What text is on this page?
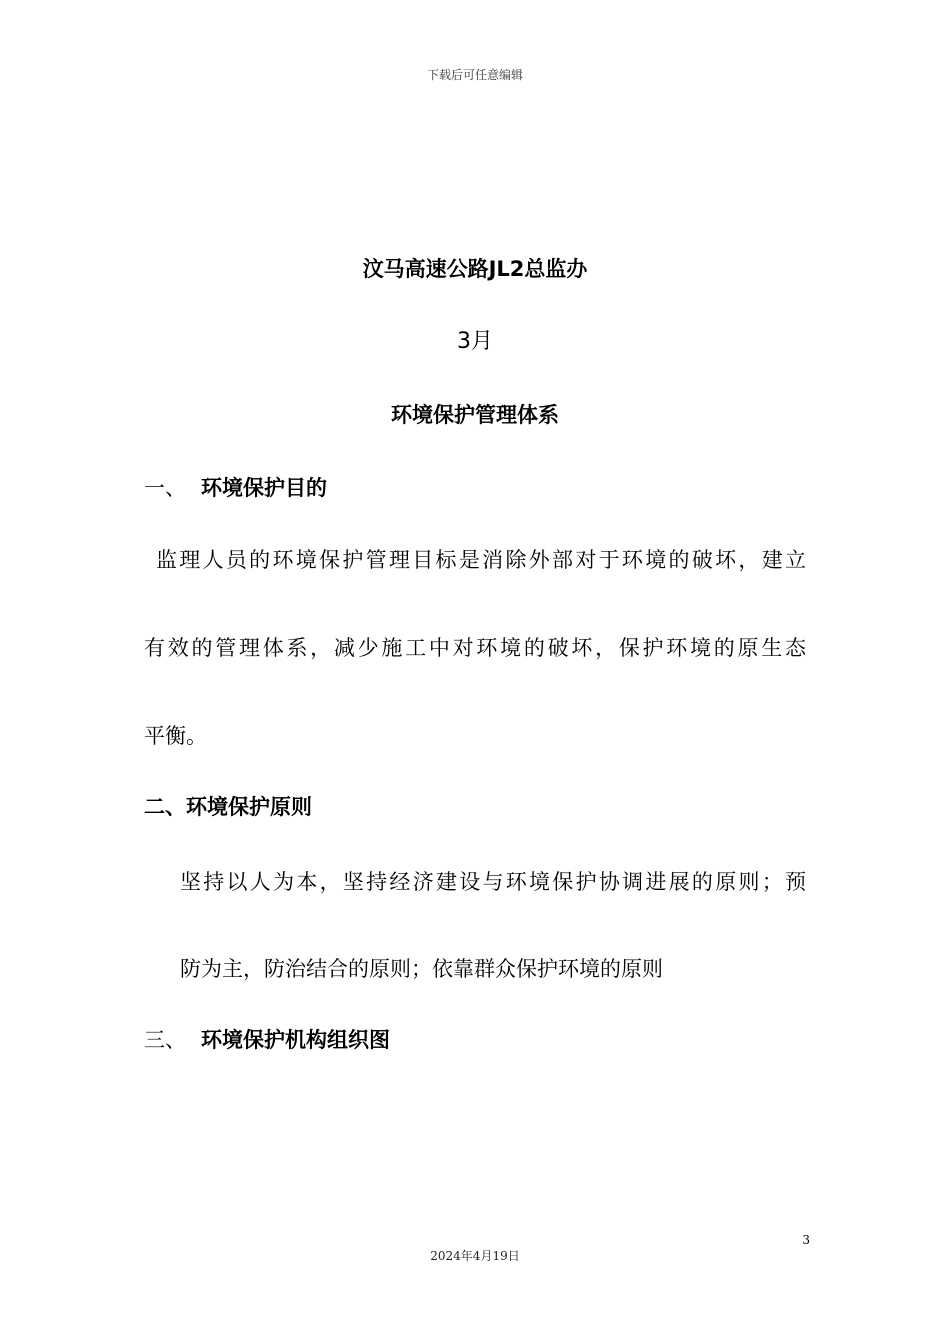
下载后可任意编辑
汶马高速公路JL2总监办
3月
环境保护管理体系
一、 环境保护目的
监理人员的环境保护管理目标是消除外部对于环境的破坏，建立
有效的管理体系，减少施工中对环境的破坏，保护环境的原生态
平衡。
二、环境保护原则
坚持以人为本，坚持经济建设与环境保护协调进展的原则；预
防为主，防治结合的原则；依靠群众保护环境的原则
三、 环境保护机构组织图
3
2024年4月19日
